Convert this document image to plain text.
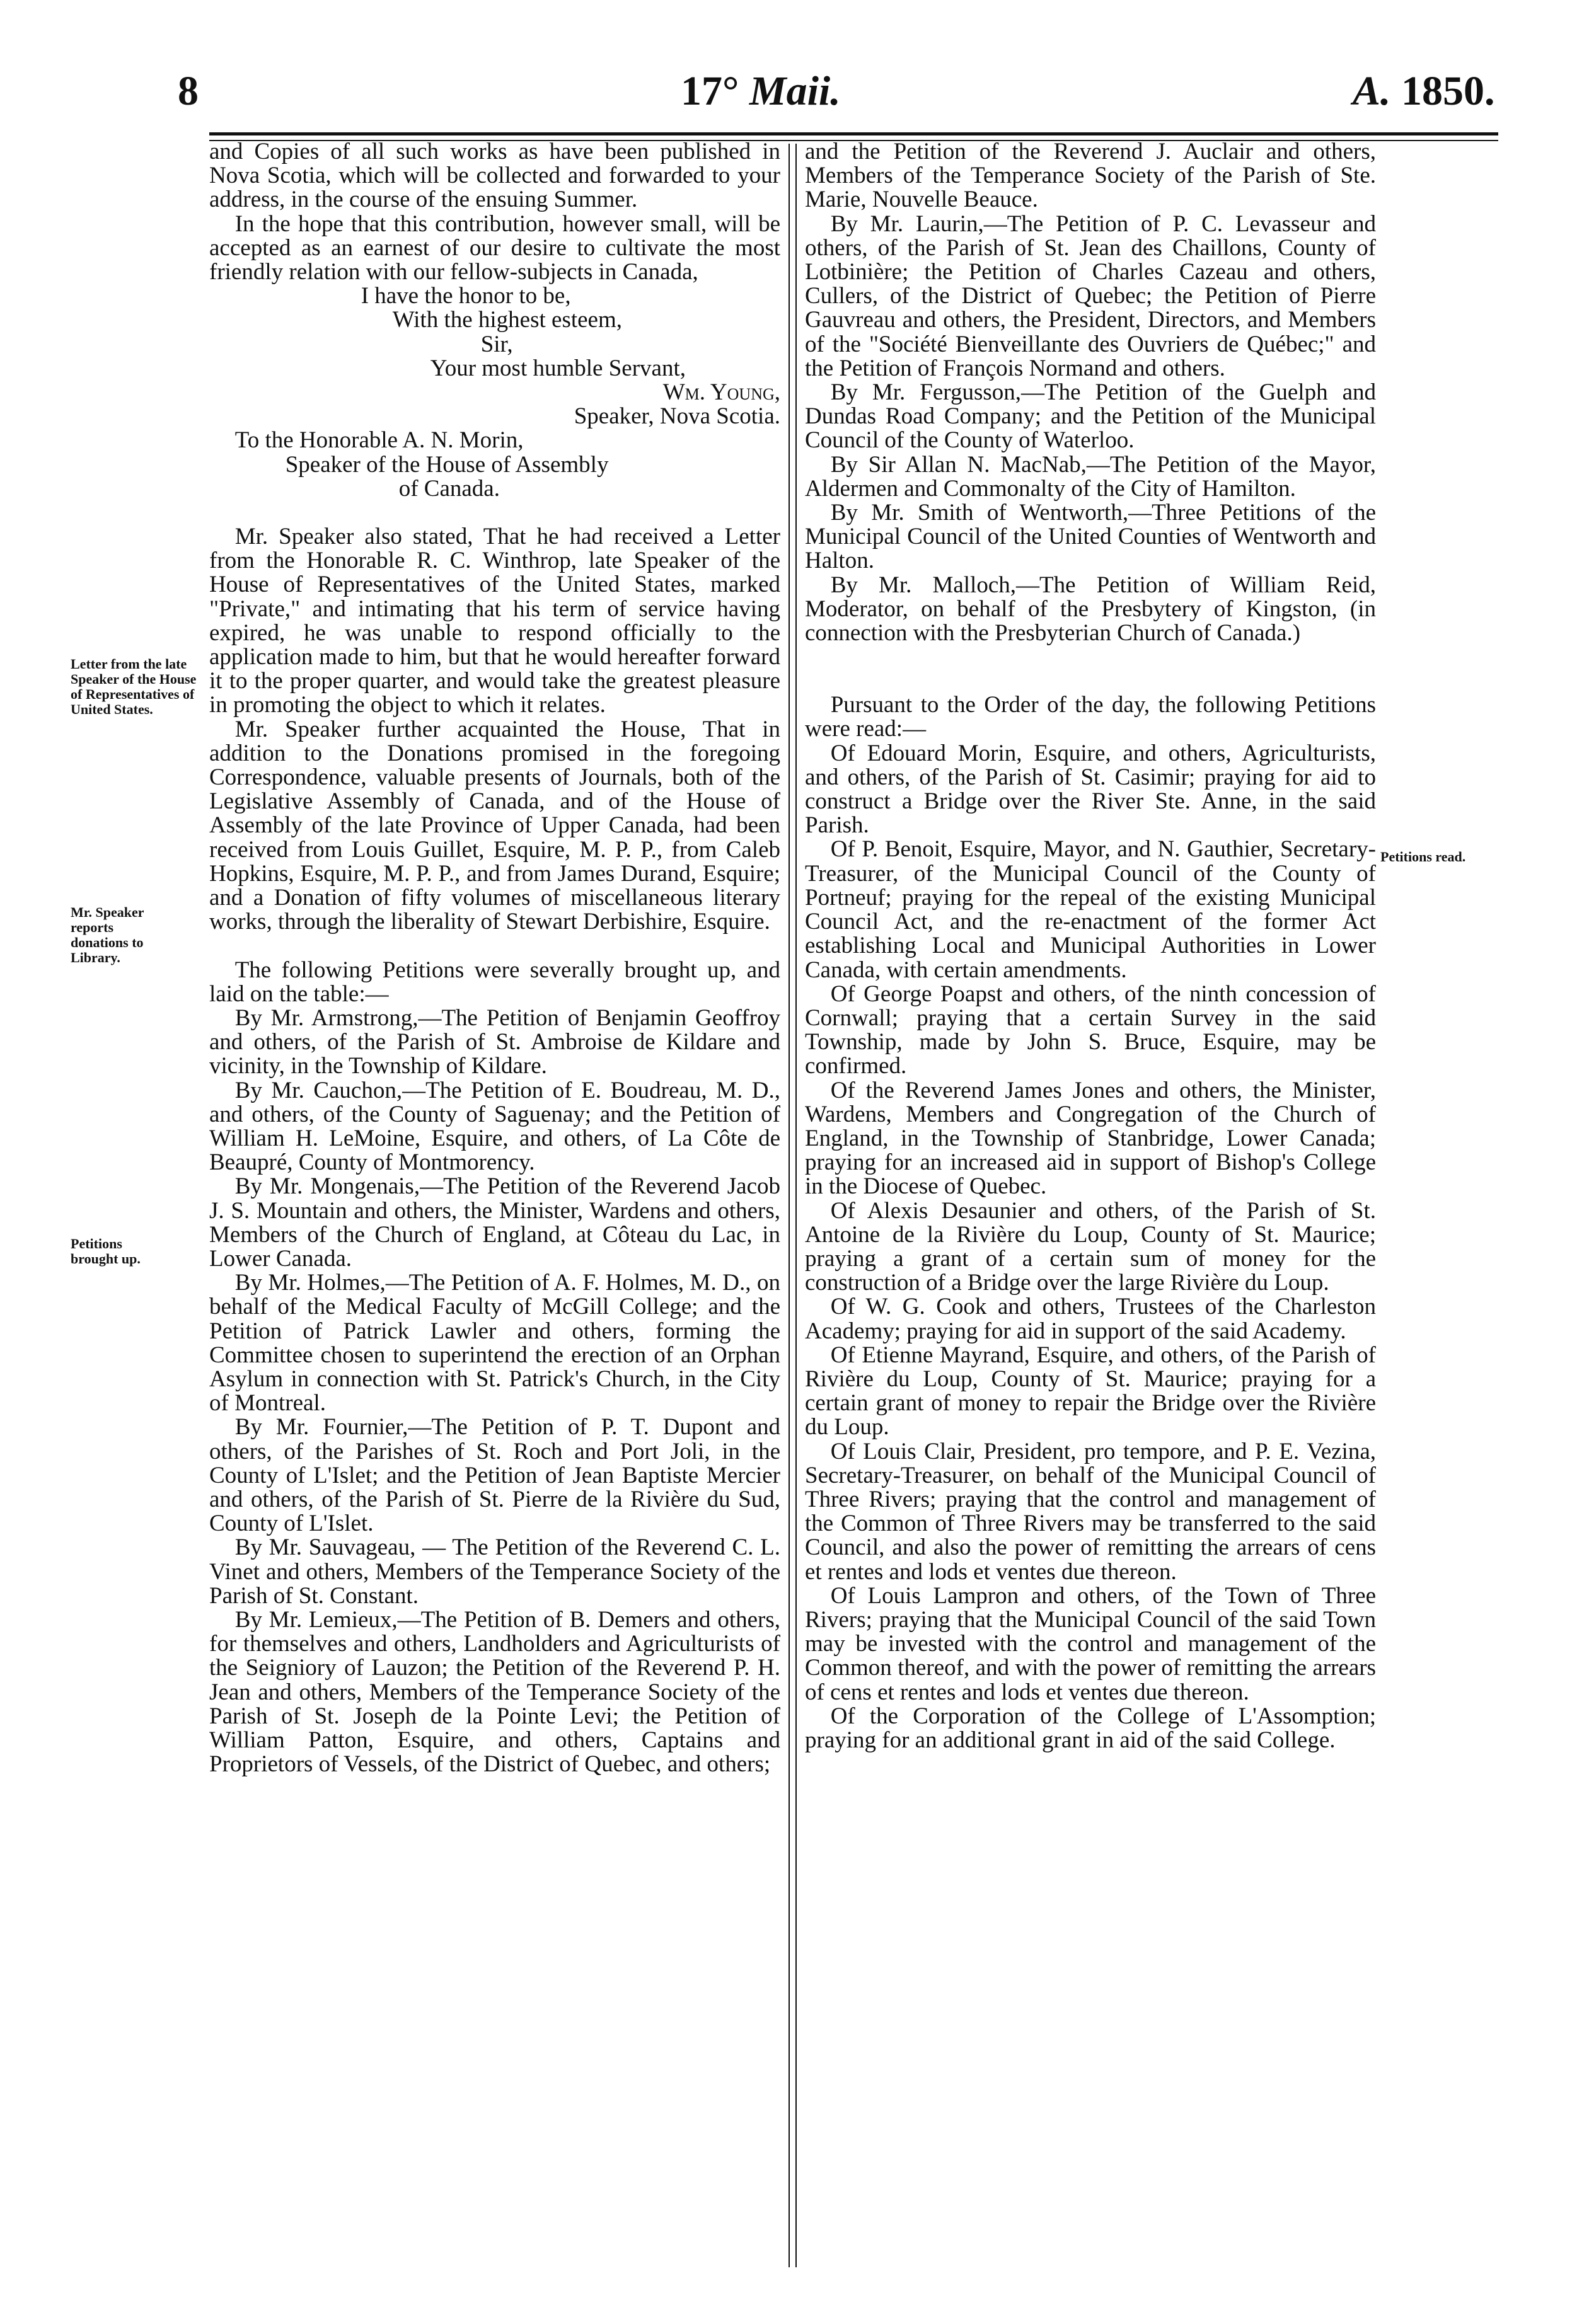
8	17° Maii.	A. 1850.
Letter from the late Speaker of the House of Representatives of United States.
Mr. Speaker reports donations to Library.
Petitions brought up.
Petitions read.

and Copies of all such works as have been published in Nova Scotia, which will be collected and forwarded to your address, in the course of the ensuing Summer.

In the hope that this contribution, however small, will be accepted as an earnest of our desire to cultivate the most friendly relation with our fellow-subjects in Canada,

I have the honor to be,

With the highest esteem,

Sir,

Your most humble Servant,

Wm. Young,

Speaker, Nova Scotia.

To the Honorable A. N. Morin,

Speaker of the House of Assembly

of Canada.

Mr. Speaker also stated, That he had received a Letter from the Honorable R. C. Winthrop, late Speaker of the House of Representatives of the United States, marked "Private," and intimating that his term of service having expired, he was unable to respond officially to the application made to him, but that he would hereafter forward it to the proper quarter, and would take the greatest pleasure in promoting the object to which it relates.

Mr. Speaker further acquainted the House, That in addition to the Donations promised in the foregoing Correspondence, valuable presents of Journals, both of the Legislative Assembly of Canada, and of the House of Assembly of the late Province of Upper Canada, had been received from Louis Guillet, Esquire, M. P. P., from Caleb Hopkins, Esquire, M. P. P., and from James Durand, Esquire; and a Donation of fifty volumes of miscellaneous literary works, through the liberality of Stewart Derbishire, Esquire.

The following Petitions were severally brought up, and laid on the table:—

By Mr. Armstrong,—The Petition of Benjamin Geoffroy and others, of the Parish of St. Ambroise de Kildare and vicinity, in the Township of Kildare.

By Mr. Cauchon,—The Petition of E. Boudreau, M. D., and others, of the County of Saguenay; and the Petition of William H. LeMoine, Esquire, and others, of La Côte de Beaupré, County of Montmorency.

By Mr. Mongenais,—The Petition of the Reverend Jacob J. S. Mountain and others, the Minister, Wardens and others, Members of the Church of England, at Côteau du Lac, in Lower Canada.

By Mr. Holmes,—The Petition of A. F. Holmes, M. D., on behalf of the Medical Faculty of McGill College; and the Petition of Patrick Lawler and others, forming the Committee chosen to superintend the erection of an Orphan Asylum in connection with St. Patrick's Church, in the City of Montreal.

By Mr. Fournier,—The Petition of P. T. Dupont and others, of the Parishes of St. Roch and Port Joli, in the County of L'Islet; and the Petition of Jean Baptiste Mercier and others, of the Parish of St. Pierre de la Rivière du Sud, County of L'Islet.

By Mr. Sauvageau, — The Petition of the Reverend C. L. Vinet and others, Members of the Temperance Society of the Parish of St. Constant.

By Mr. Lemieux,—The Petition of B. Demers and others, for themselves and others, Landholders and Agriculturists of the Seigniory of Lauzon; the Petition of the Reverend P. H. Jean and others, Members of the Temperance Society of the Parish of St. Joseph de la Pointe Levi; the Petition of William Patton, Esquire, and others, Captains and Proprietors of Vessels, of the District of Quebec, and others;

and the Petition of the Reverend J. Auclair and others, Members of the Temperance Society of the Parish of Ste. Marie, Nouvelle Beauce.

By Mr. Laurin,—The Petition of P. C. Levasseur and others, of the Parish of St. Jean des Chaillons, County of Lotbinière; the Petition of Charles Cazeau and others, Cullers, of the District of Quebec; the Petition of Pierre Gauvreau and others, the President, Directors, and Members of the "Société Bienveillante des Ouvriers de Québec;" and the Petition of François Normand and others.

By Mr. Fergusson,—The Petition of the Guelph and Dundas Road Company; and the Petition of the Municipal Council of the County of Waterloo.

By Sir Allan N. MacNab,—The Petition of the Mayor, Aldermen and Commonalty of the City of Hamilton.

By Mr. Smith of Wentworth,—Three Petitions of the Municipal Council of the United Counties of Wentworth and Halton.

By Mr. Malloch,—The Petition of William Reid, Moderator, on behalf of the Presbytery of Kingston, (in connection with the Presbyterian Church of Canada.)

Pursuant to the Order of the day, the following Petitions were read:—

Of Edouard Morin, Esquire, and others, Agriculturists, and others, of the Parish of St. Casimir; praying for aid to construct a Bridge over the River Ste. Anne, in the said Parish.

Of P. Benoit, Esquire, Mayor, and N. Gauthier, Secretary-Treasurer, of the Municipal Council of the County of Portneuf; praying for the repeal of the existing Municipal Council Act, and the re-enactment of the former Act establishing Local and Municipal Authorities in Lower Canada, with certain amendments.

Of George Poapst and others, of the ninth concession of Cornwall; praying that a certain Survey in the said Township, made by John S. Bruce, Esquire, may be confirmed.

Of the Reverend James Jones and others, the Minister, Wardens, Members and Congregation of the Church of England, in the Township of Stanbridge, Lower Canada; praying for an increased aid in support of Bishop's College in the Diocese of Quebec.

Of Alexis Desaunier and others, of the Parish of St. Antoine de la Rivière du Loup, County of St. Maurice; praying a grant of a certain sum of money for the construction of a Bridge over the large Rivière du Loup.

Of W. G. Cook and others, Trustees of the Charleston Academy; praying for aid in support of the said Academy.

Of Etienne Mayrand, Esquire, and others, of the Parish of Rivière du Loup, County of St. Maurice; praying for a certain grant of money to repair the Bridge over the Rivière du Loup.

Of Louis Clair, President, pro tempore, and P. E. Vezina, Secretary-Treasurer, on behalf of the Municipal Council of Three Rivers; praying that the control and management of the Common of Three Rivers may be transferred to the said Council, and also the power of remitting the arrears of cens et rentes and lods et ventes due thereon.

Of Louis Lampron and others, of the Town of Three Rivers; praying that the Municipal Council of the said Town may be invested with the control and management of the Common thereof, and with the power of remitting the arrears of cens et rentes and lods et ventes due thereon.

Of the Corporation of the College of L'Assomption; praying for an additional grant in aid of the said College.
